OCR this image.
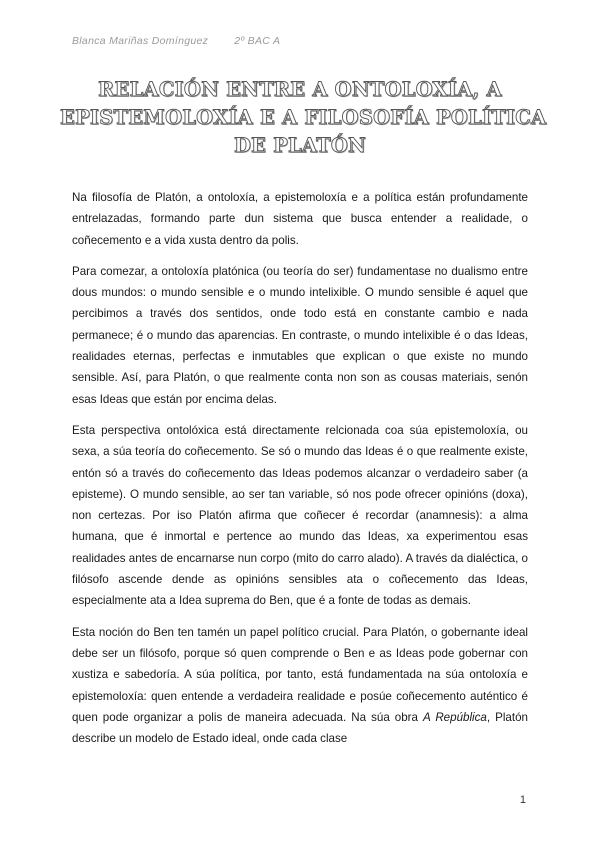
Blanca Mariñas Domínguez 2º BAC A
RELACIÓN ENTRE A ONTOLOXÍA, A
EPISTEMOLOXÍA E A FILOSOFÍA POLÍTICA
DE PLATÓN

Na filosofía de Platón, a ontoloxía, a epistemoloxía e a política están profundamente entrelazadas, formando parte dun sistema que busca entender a realidade, o coñecemento e a vida xusta dentro da polis.

Para comezar, a ontoloxía platónica (ou teoría do ser) fundamentase no dualismo entre dous mundos: o mundo sensible e o mundo intelixible. O mundo sensible é aquel que percibimos a través dos sentidos, onde todo está en constante cambio e nada permanece; é o mundo das aparencias. En contraste, o mundo intelixible é o das Ideas, realidades eternas, perfectas e inmutables que explican o que existe no mundo sensible. Así, para Platón, o que realmente conta non son as cousas materiais, senón esas Ideas que están por encima delas.

Esta perspectiva ontolóxica está directamente relcionada coa súa epistemoloxía, ou sexa, a súa teoría do coñecemento. Se só o mundo das Ideas é o que realmente existe, entón só a través do coñecemento das Ideas podemos alcanzar o verdadeiro saber (a episteme). O mundo sensible, ao ser tan variable, só nos pode ofrecer opinións (doxa), non certezas. Por iso Platón afirma que coñecer é recordar (anamnesis): a alma humana, que é inmortal e pertence ao mundo das Ideas, xa experimentou esas realidades antes de encarnarse nun corpo (mito do carro alado). A través da dialéctica, o filósofo ascende dende as opinións sensibles ata o coñecemento das Ideas, especialmente ata a Idea suprema do Ben, que é a fonte de todas as demais.

Esta noción do Ben ten tamén un papel político crucial. Para Platón, o gobernante ideal debe ser un filósofo, porque só quen comprende o Ben e as Ideas pode gobernar con xustiza e sabedoría. A súa política, por tanto, está fundamentada na súa ontoloxía e epistemoloxía: quen entende a verdadeira realidade e posúe coñecemento auténtico é quen pode organizar a polis de maneira adecuada. Na súa obra A República, Platón describe un modelo de Estado ideal, onde cada clase

1
